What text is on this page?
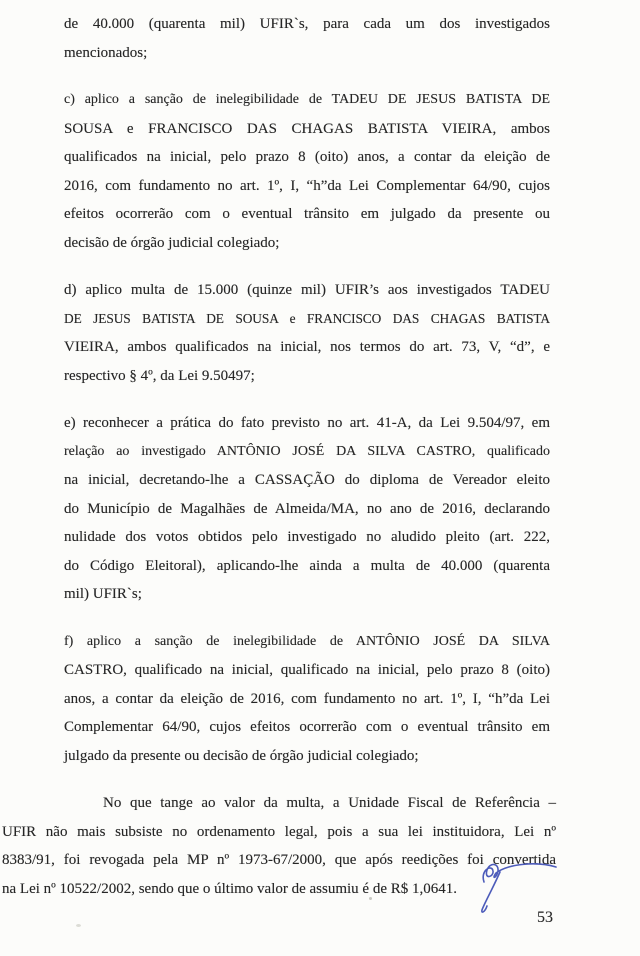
de 40.000 (quarenta mil) UFIR`s, para cada um dos investigados
mencionados;
c) aplico a sanção de inelegibilidade de TADEU DE JESUS BATISTA DE
SOUSA e FRANCISCO DAS CHAGAS BATISTA VIEIRA, ambos
qualificados na inicial, pelo prazo 8 (oito) anos, a contar da eleição de
2016, com fundamento no art. 1º, I, “h”da Lei Complementar 64/90, cujos
efeitos ocorrerão com o eventual trânsito em julgado da presente ou
decisão de órgão judicial colegiado;
d) aplico multa de 15.000 (quinze mil) UFIR’s aos investigados TADEU
DE JESUS BATISTA DE SOUSA e FRANCISCO DAS CHAGAS BATISTA
VIEIRA, ambos qualificados na inicial, nos termos do art. 73, V, “d”, e
respectivo § 4º, da Lei 9.50497;
e) reconhecer a prática do fato previsto no art. 41-A, da Lei 9.504/97, em
relação ao investigado ANTÔNIO JOSÉ DA SILVA CASTRO, qualificado
na inicial, decretando-lhe a CASSAÇÃO do diploma de Vereador eleito
do Município de Magalhães de Almeida/MA, no ano de 2016, declarando
nulidade dos votos obtidos pelo investigado no aludido pleito (art. 222,
do Código Eleitoral), aplicando-lhe ainda a multa de 40.000 (quarenta
mil) UFIR`s;
f) aplico a sanção de inelegibilidade de ANTÔNIO JOSÉ DA SILVA
CASTRO, qualificado na inicial, qualificado na inicial, pelo prazo 8 (oito)
anos, a contar da eleição de 2016, com fundamento no art. 1º, I, “h”da Lei
Complementar 64/90, cujos efeitos ocorrerão com o eventual trânsito em
julgado da presente ou decisão de órgão judicial colegiado;
No que tange ao valor da multa, a Unidade Fiscal de Referência –
UFIR não mais subsiste no ordenamento legal, pois a sua lei instituidora, Lei nº
8383/91, foi revogada pela MP nº 1973-67/2000, que após reedições foi convertida
na Lei nº 10522/2002, sendo que o último valor de assumiu é de R$ 1,0641.
53
